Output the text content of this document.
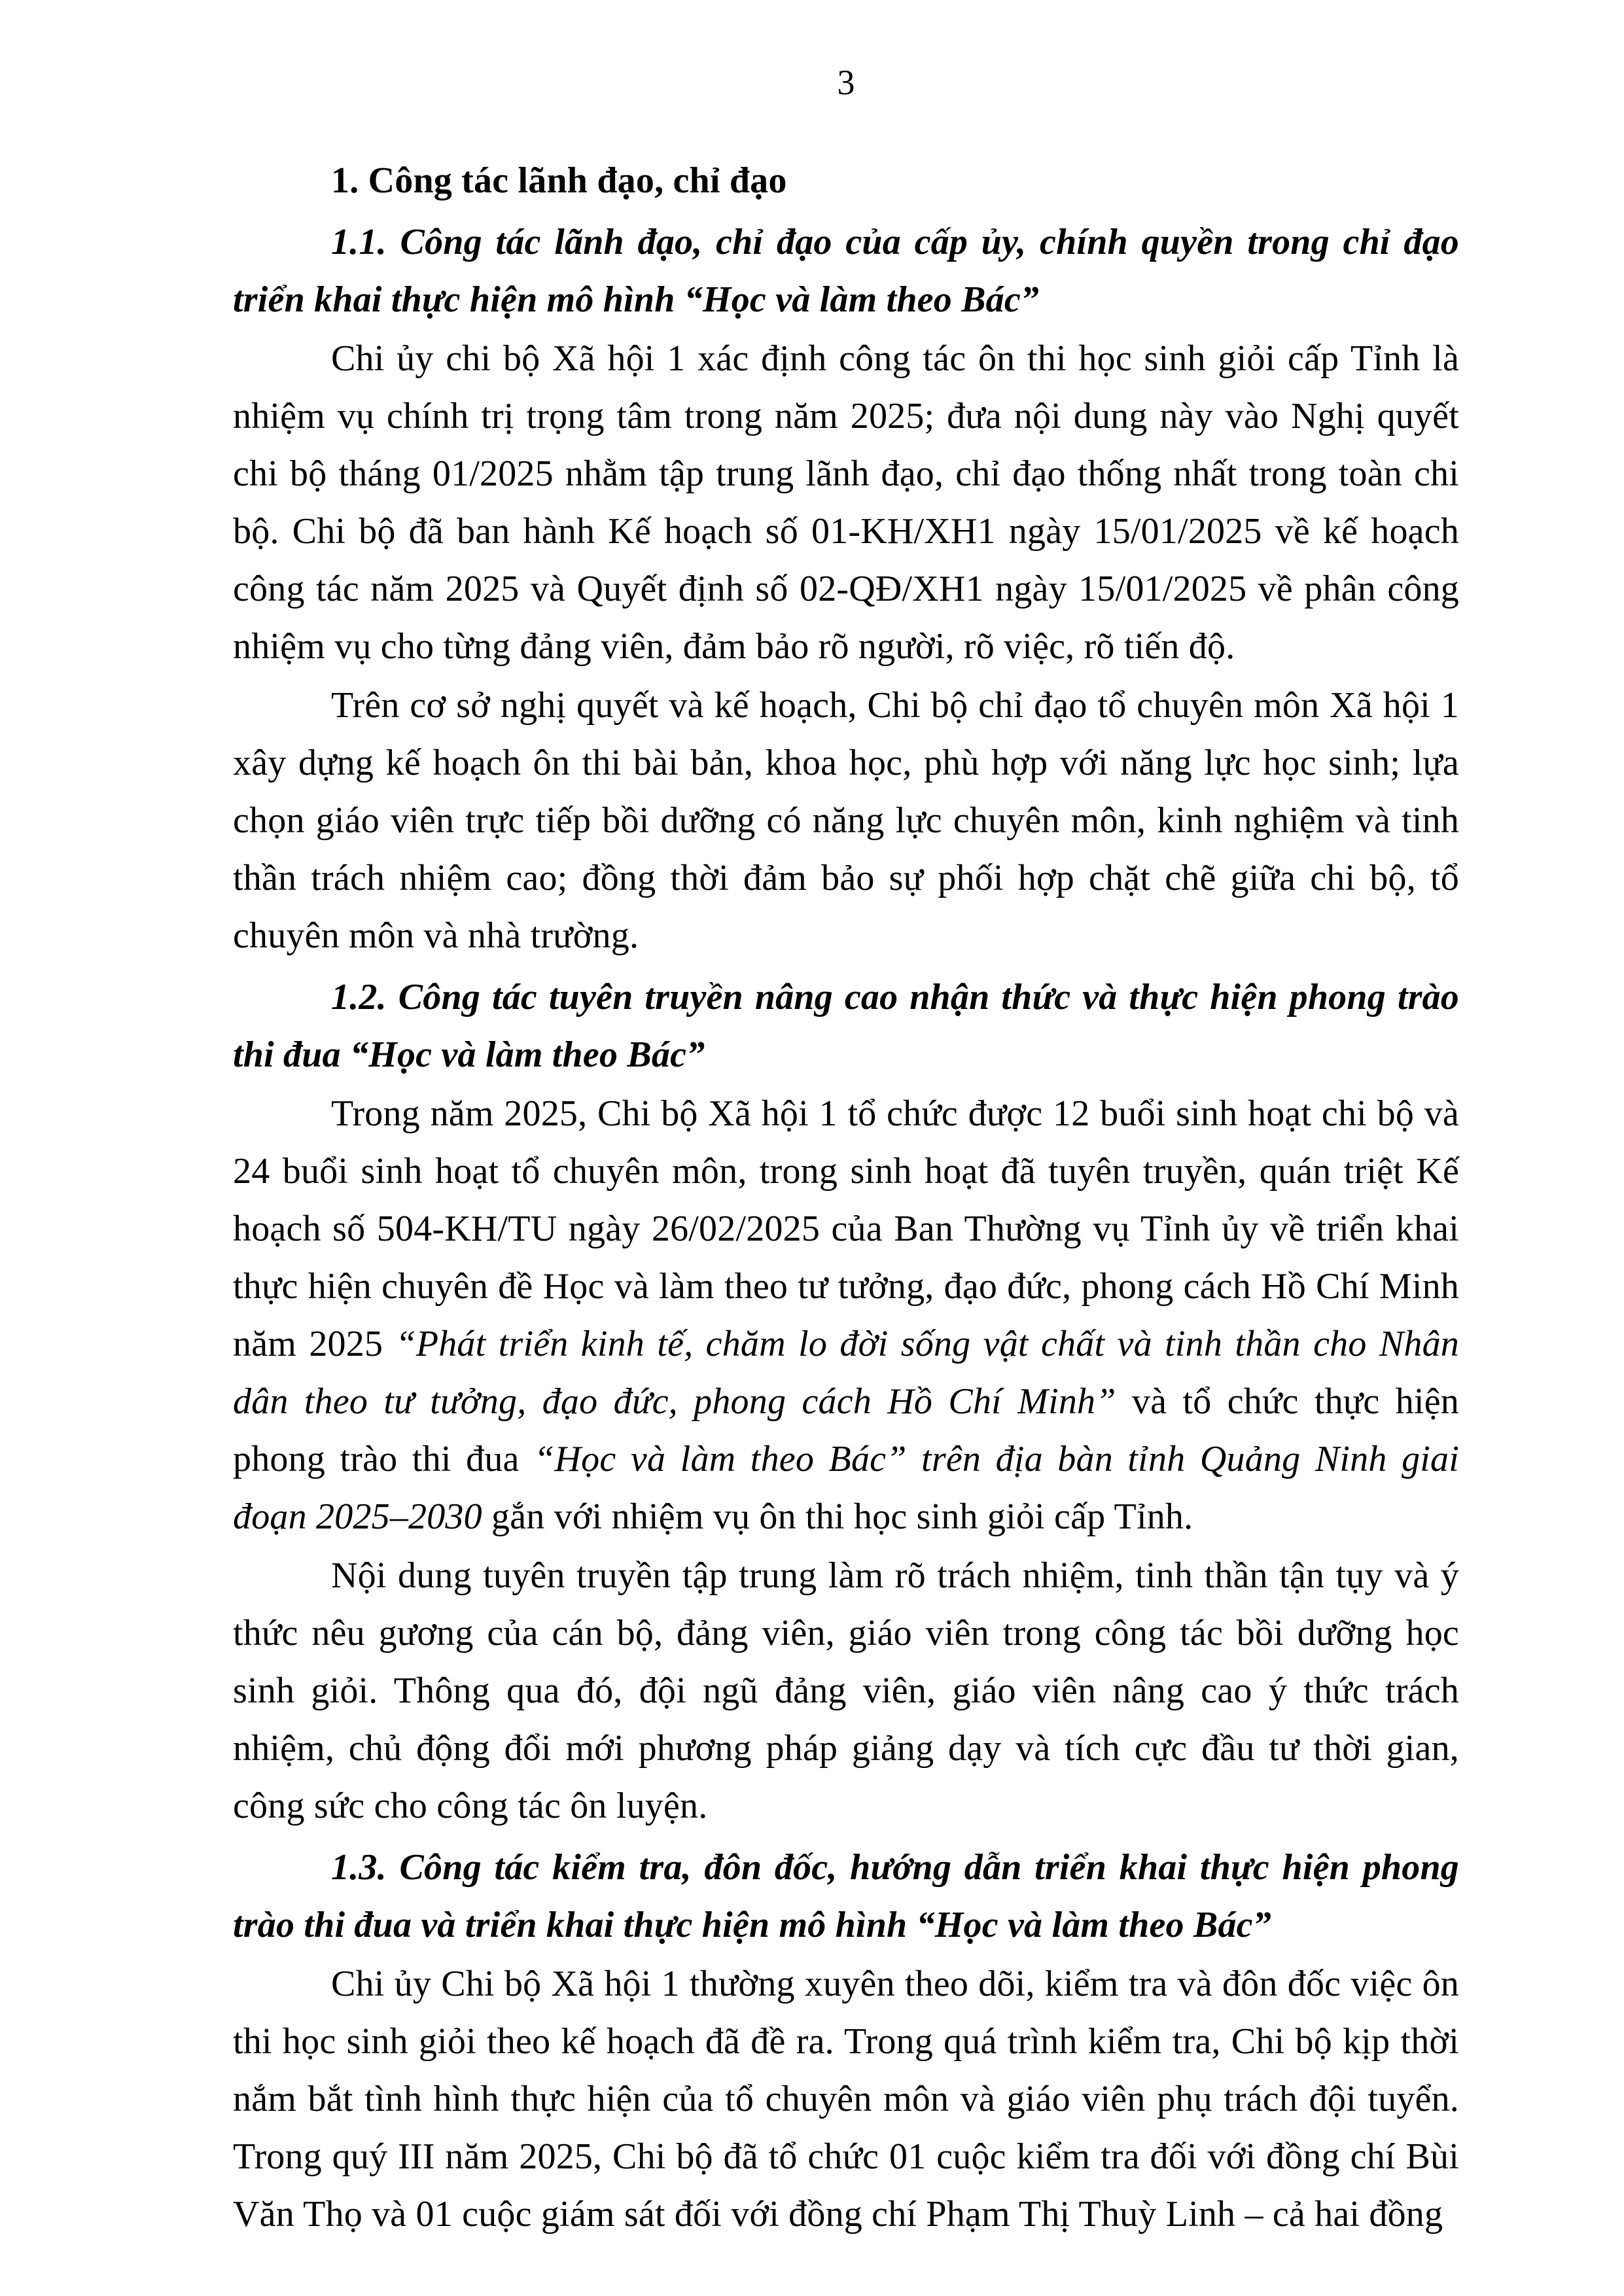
3

1. Công tác lãnh đạo, chỉ đạo

1.1. Công tác lãnh đạo, chỉ đạo của cấp ủy, chính quyền trong chỉ đạo triển khai thực hiện mô hình “Học và làm theo Bác”

Chi ủy chi bộ Xã hội 1 xác định công tác ôn thi học sinh giỏi cấp Tỉnh là nhiệm vụ chính trị trọng tâm trong năm 2025; đưa nội dung này vào Nghị quyết chi bộ tháng 01/2025 nhằm tập trung lãnh đạo, chỉ đạo thống nhất trong toàn chi bộ. Chi bộ đã ban hành Kế hoạch số 01-KH/XH1 ngày 15/01/2025 về kế hoạch công tác năm 2025 và Quyết định số 02-QĐ/XH1 ngày 15/01/2025 về phân công nhiệm vụ cho từng đảng viên, đảm bảo rõ người, rõ việc, rõ tiến độ.

Trên cơ sở nghị quyết và kế hoạch, Chi bộ chỉ đạo tổ chuyên môn Xã hội 1 xây dựng kế hoạch ôn thi bài bản, khoa học, phù hợp với năng lực học sinh; lựa chọn giáo viên trực tiếp bồi dưỡng có năng lực chuyên môn, kinh nghiệm và tinh thần trách nhiệm cao; đồng thời đảm bảo sự phối hợp chặt chẽ giữa chi bộ, tổ chuyên môn và nhà trường.

1.2. Công tác tuyên truyền nâng cao nhận thức và thực hiện phong trào thi đua “Học và làm theo Bác”

Trong năm 2025, Chi bộ Xã hội 1 tổ chức được 12 buổi sinh hoạt chi bộ và 24 buổi sinh hoạt tổ chuyên môn, trong sinh hoạt đã tuyên truyền, quán triệt Kế hoạch số 504-KH/TU ngày 26/02/2025 của Ban Thường vụ Tỉnh ủy về triển khai thực hiện chuyên đề Học và làm theo tư tưởng, đạo đức, phong cách Hồ Chí Minh năm 2025 “Phát triển kinh tế, chăm lo đời sống vật chất và tinh thần cho Nhân dân theo tư tưởng, đạo đức, phong cách Hồ Chí Minh” và tổ chức thực hiện phong trào thi đua “Học và làm theo Bác” trên địa bàn tỉnh Quảng Ninh giai đoạn 2025–2030 gắn với nhiệm vụ ôn thi học sinh giỏi cấp Tỉnh.

Nội dung tuyên truyền tập trung làm rõ trách nhiệm, tinh thần tận tụy và ý thức nêu gương của cán bộ, đảng viên, giáo viên trong công tác bồi dưỡng học sinh giỏi. Thông qua đó, đội ngũ đảng viên, giáo viên nâng cao ý thức trách nhiệm, chủ động đổi mới phương pháp giảng dạy và tích cực đầu tư thời gian, công sức cho công tác ôn luyện.

1.3. Công tác kiểm tra, đôn đốc, hướng dẫn triển khai thực hiện phong trào thi đua và triển khai thực hiện mô hình “Học và làm theo Bác”

Chi ủy Chi bộ Xã hội 1 thường xuyên theo dõi, kiểm tra và đôn đốc việc ôn thi học sinh giỏi theo kế hoạch đã đề ra. Trong quá trình kiểm tra, Chi bộ kịp thời nắm bắt tình hình thực hiện của tổ chuyên môn và giáo viên phụ trách đội tuyển. Trong quý III năm 2025, Chi bộ đã tổ chức 01 cuộc kiểm tra đối với đồng chí Bùi Văn Thọ và 01 cuộc giám sát đối với đồng chí Phạm Thị Thuỳ Linh – cả hai đồng
